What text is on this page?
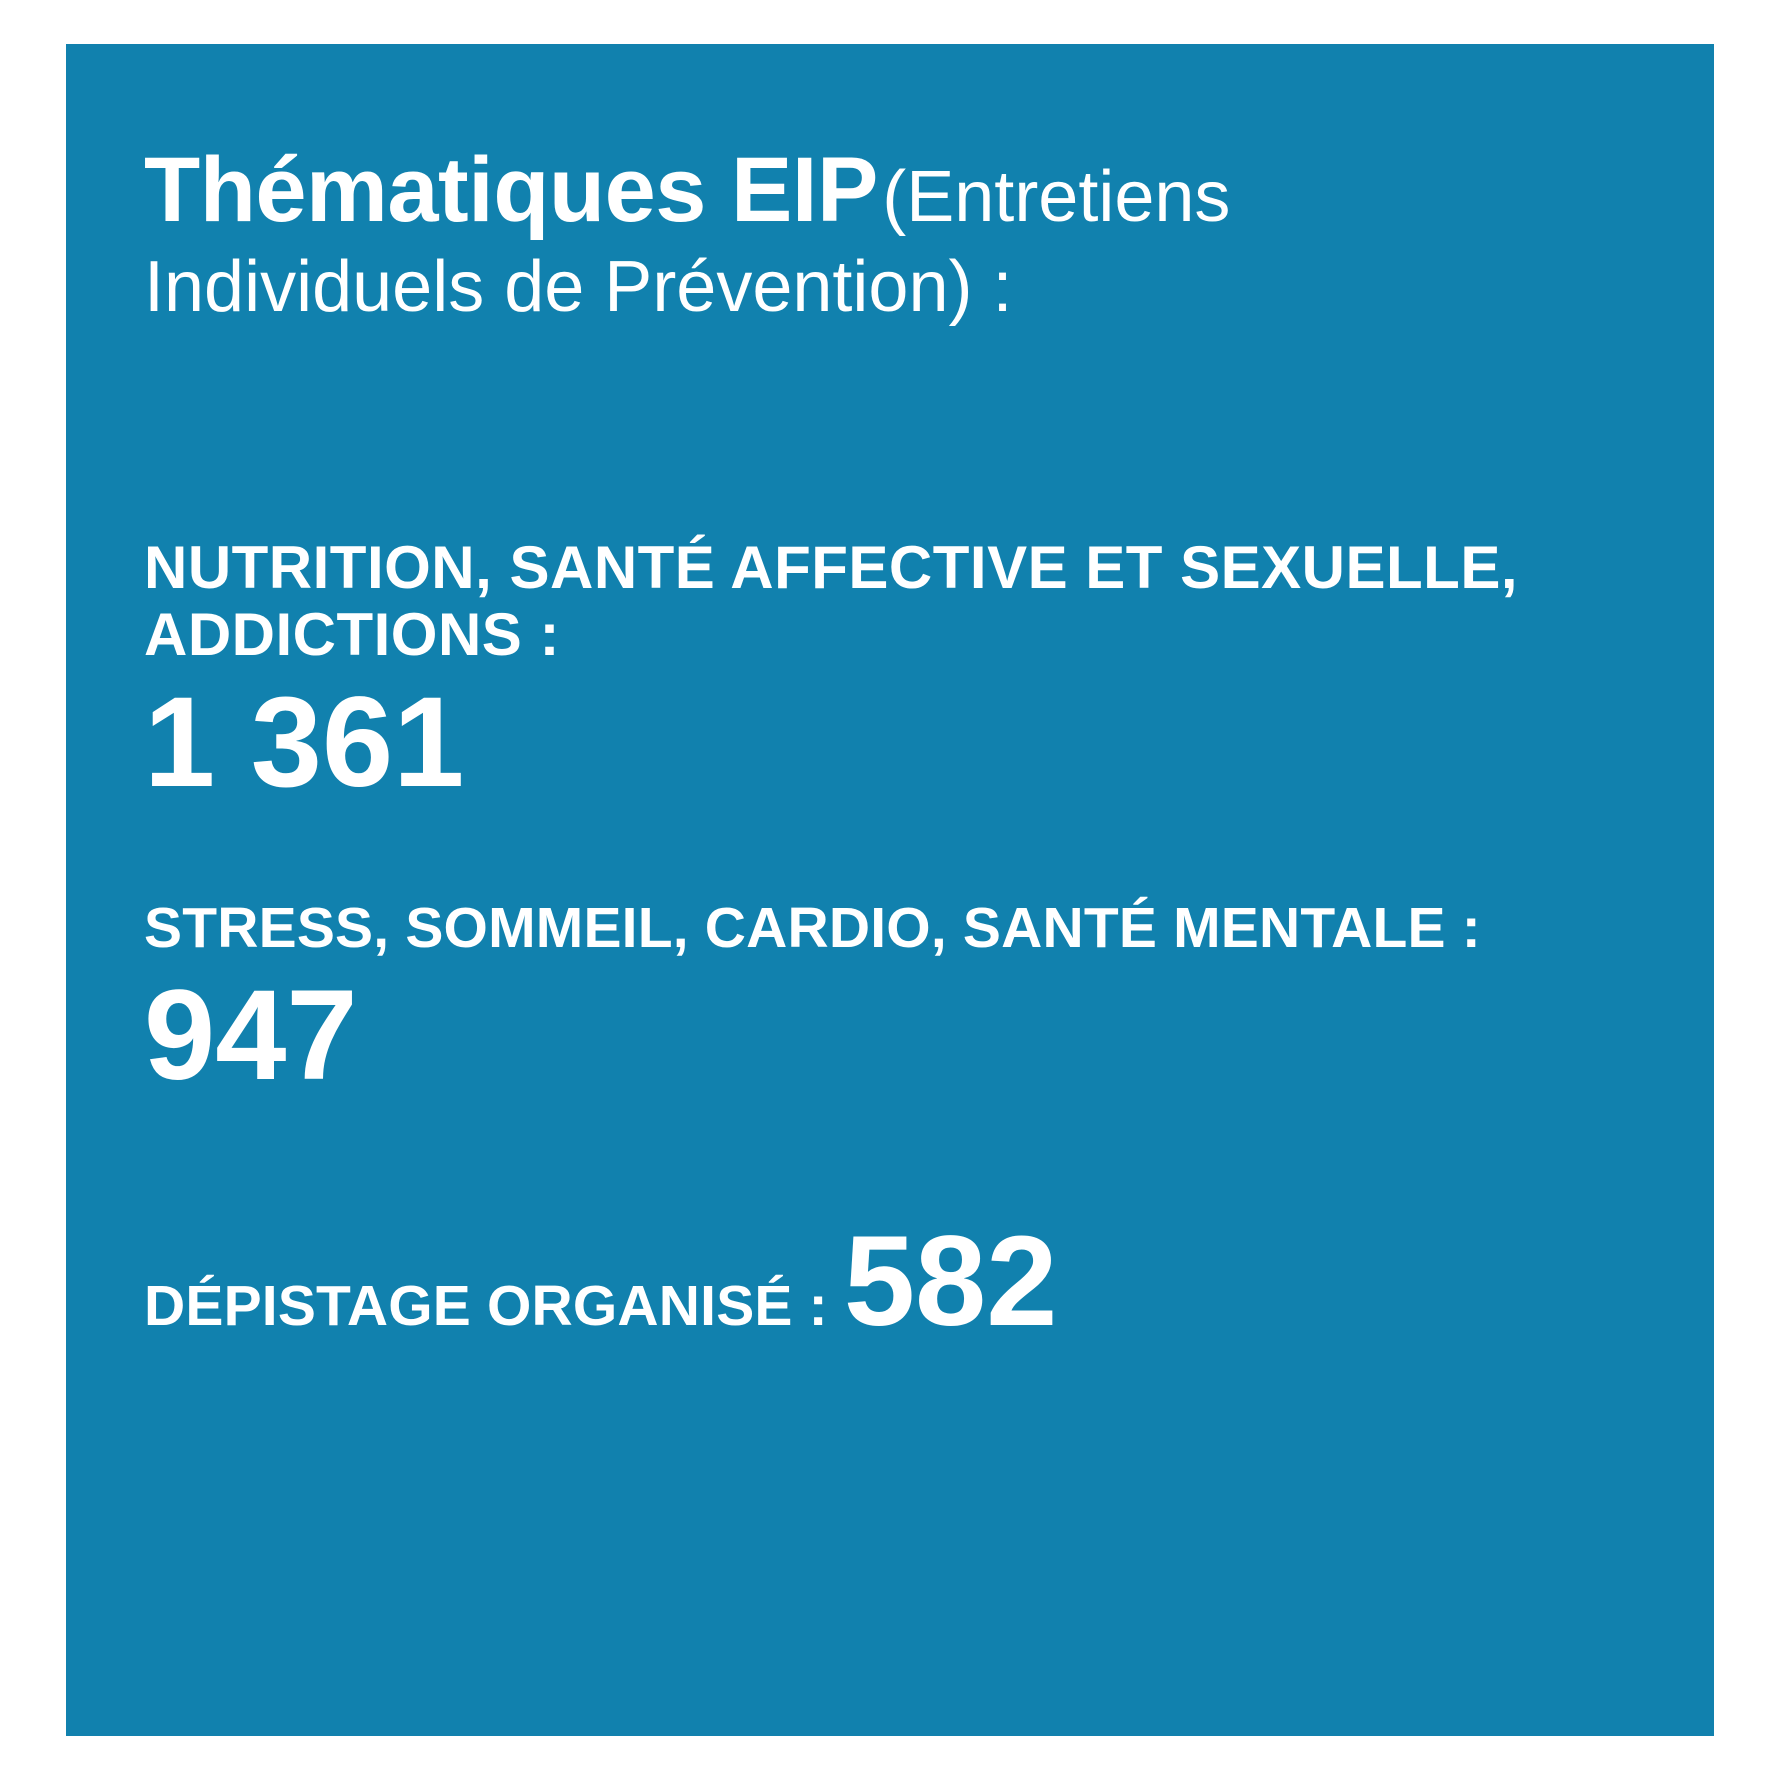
Thématiques EIP (Entretiens Individuels de Prévention) :
NUTRITION, SANTÉ AFFECTIVE ET SEXUELLE, ADDICTIONS :
1 361
STRESS, SOMMEIL, CARDIO, SANTÉ MENTALE :
947
DÉPISTAGE ORGANISÉ : 582
